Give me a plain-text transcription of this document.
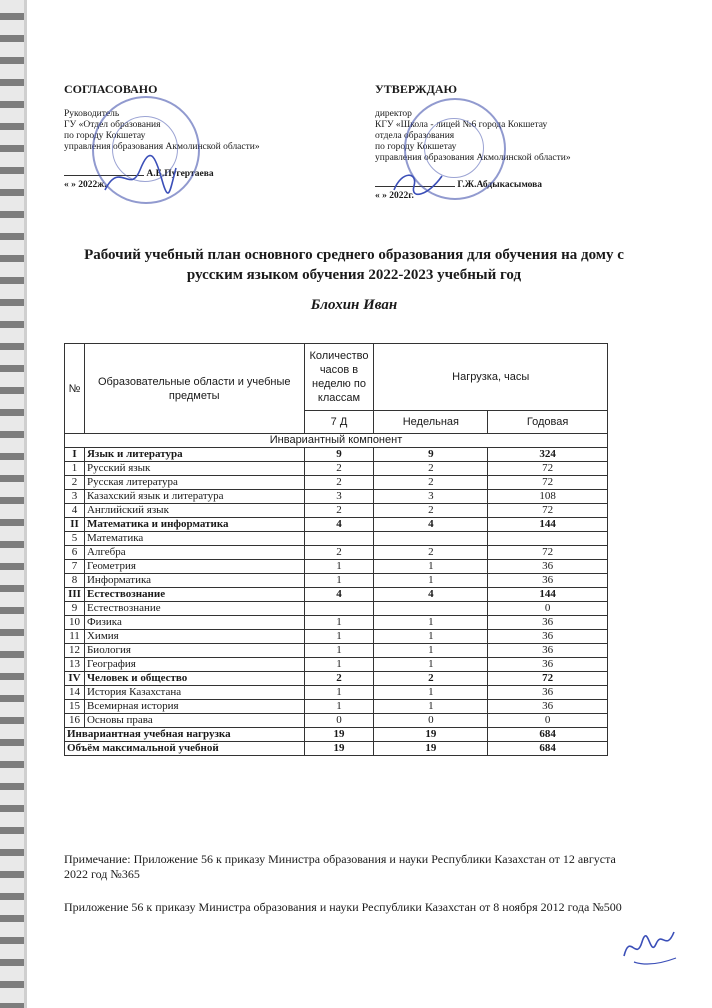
СОГЛАСОВАНО
Руководитель
ГУ «Отдел образования
по городу Кокшетау
управления образования Акмолинской области»
А.Б.Пугертаева
« » 2022ж.
УТВЕРЖДАЮ
директор
КГУ «Школа - лицей №6 города Кокшетау
отдела образования
по городу Кокшетау
управления образования Акмолинской области»
Г.Ж.Абдыкасымова
« » 2022г.
Рабочий учебный план основного среднего образования для обучения на дому с русским языком обучения 2022-2023 учебный год
Блохин Иван
№	Образовательные области и учебные предметы	Количество часов в неделю по классам	Нагрузка, часы	
		7 Д	Недельная	Годовая
Инвариантный компонент				
I	Язык и литература	9	9	324
1	Русский язык	2	2	72
2	Русская литература	2	2	72
3	Казахский язык и литература	3	3	108
4	Английский язык	2	2	72
II	Математика и информатика	4	4	144
5	Математика			
6	Алгебра	2	2	72
7	Геометрия	1	1	36
8	Информатика	1	1	36
III	Естествознание	4	4	144
9	Естествознание			0
10	Физика	1	1	36
11	Химия	1	1	36
12	Биология	1	1	36
13	География	1	1	36
IV	Человек и общество	2	2	72
14	История Казахстана	1	1	36
15	Всемирная история	1	1	36
16	Основы права	0	0	0
Инвариантная учебная нагрузка		19	19	684
Объём максимальной учебной		19	19	684

Примечание: Приложение 56 к приказу Министра образования и науки Республики Казахстан от 12 августа 2022 год №365

Приложение 56 к приказу Министра образования и науки Республики Казахстан от 8 ноября 2012 года №500
